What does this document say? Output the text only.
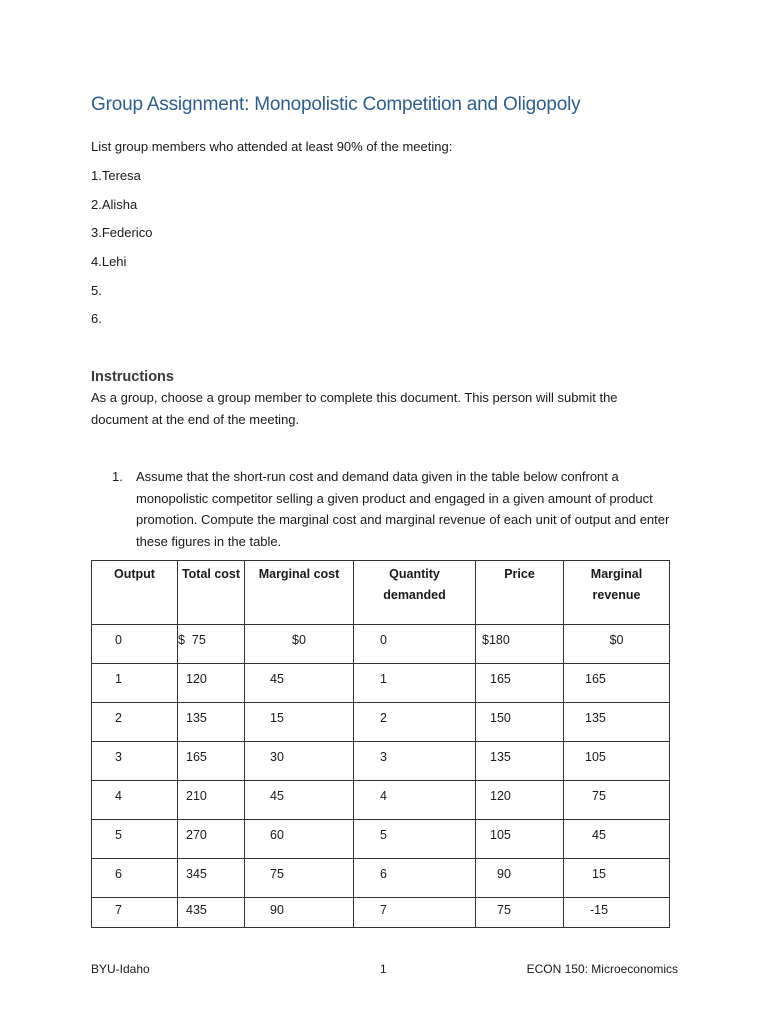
Group Assignment: Monopolistic Competition and Oligopoly
List group members who attended at least 90% of the meeting:
1.Teresa
2.Alisha
3.Federico
4.Lehi
5.
6.
Instructions
As a group, choose a group member to complete this document. This person will submit the document at the end of the meeting.
1. Assume that the short-run cost and demand data given in the table below confront a monopolistic competitor selling a given product and engaged in a given amount of product promotion. Compute the marginal cost and marginal revenue of each unit of output and enter these figures in the table.
Output	Total cost	Marginal cost	Quantity demanded	Price	Marginal revenue
0	$  75	$0	0	$180	$0
1	120	45	1	165	165
2	135	15	2	150	135
3	165	30	3	135	105
4	210	45	4	120	75
5	270	60	5	105	45
6	345	75	6	90	15
7	435	90	7	75	-15
BYU-Idaho	1	ECON 150: Microeconomics
